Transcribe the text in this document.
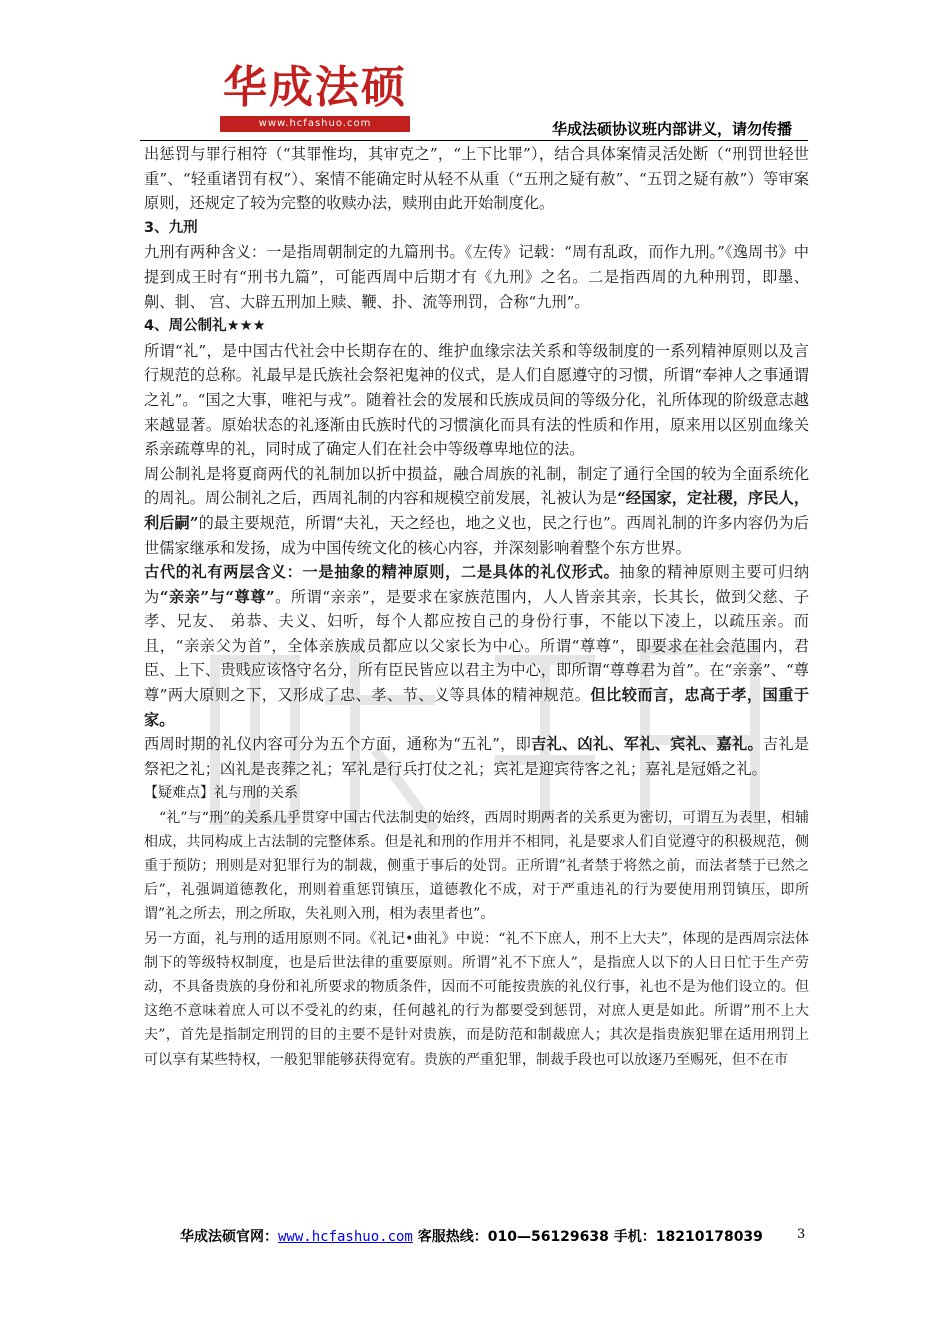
华成法硕
www.hcfashuo.com	华成法硕协议班内部讲义，请勿传播

出惩罚与罪行相符（“其罪惟均，其审克之”，“上下比罪”），结合具体案情灵活处断（“刑罚世轻世重”、“轻重诸罚有权”）、案情不能确定时从轻不从重（“五刑之疑有赦”、“五罚之疑有赦”）等审案原则，还规定了较为完整的收赎办法，赎刑由此开始制度化。

3、九刑

九刑有两种含义：一是指周朝制定的九篇刑书。《左传》记载：“周有乱政，而作九刑。”《逸周书》中提到成王时有“刑书九篇”，可能西周中后期才有《九刑》之名。二是指西周的九种刑罚，即墨、劓、剕、 宫、大辟五刑加上赎、鞭、扑、流等刑罚，合称“九刑”。

4、周公制礼★★★

所谓“礼”，是中国古代社会中长期存在的、维护血缘宗法关系和等级制度的一系列精神原则以及言行规范的总称。礼最早是氏族社会祭祀鬼神的仪式，是人们自愿遵守的习惯，所谓“奉神人之事通谓之礼”。“国之大事，唯祀与戎”。随着社会的发展和氏族成员间的等级分化，礼所体现的阶级意志越来越显著。原始状态的礼逐渐由氏族时代的习惯演化而具有法的性质和作用，原来用以区别血缘关系亲疏尊卑的礼，同时成了确定人们在社会中等级尊卑地位的法。

周公制礼是将夏商两代的礼制加以折中损益，融合周族的礼制，制定了通行全国的较为全面系统化的周礼。周公制礼之后，西周礼制的内容和规模空前发展，礼被认为是“经国家，定社稷，序民人，利后嗣”的最主要规范，所谓“夫礼，天之经也，地之义也，民之行也”。西周礼制的许多内容仍为后世儒家继承和发扬，成为中国传统文化的核心内容，并深刻影响着整个东方世界。

古代的礼有两层含义：一是抽象的精神原则，二是具体的礼仪形式。抽象的精神原则主要可归纳为“亲亲”与“尊尊”。所谓“亲亲”，是要求在家族范围内，人人皆亲其亲，长其长，做到父慈、子孝、兄友、 弟恭、夫义、妇听，每个人都应按自己的身份行事，不能以下凌上，以疏压亲。而且，“亲亲父为首”，全体亲族成员都应以父家长为中心。所谓“尊尊”，即要求在社会范围内，君臣、上下、贵贱应该恪守名分，所有臣民皆应以君主为中心，即所谓“尊尊君为首”。在“亲亲”、“尊尊”两大原则之下，又形成了忠、孝、节、义等具体的精神规范。但比较而言，忠高于孝，国重于家。

西周时期的礼仪内容可分为五个方面，通称为“五礼”，即吉礼、凶礼、军礼、宾礼、嘉礼。吉礼是祭祀之礼；凶礼是丧葬之礼；军礼是行兵打仗之礼；宾礼是迎宾待客之礼；嘉礼是冠婚之礼。

【疑难点】礼与刑的关系

“礼”与“刑”的关系几乎贯穿中国古代法制史的始终，西周时期两者的关系更为密切，可谓互为表里，相辅相成，共同构成上古法制的完整体系。但是礼和刑的作用并不相同，礼是要求人们自觉遵守的积极规范，侧重于预防；刑则是对犯罪行为的制裁，侧重于事后的处罚。正所谓”礼者禁于将然之前，而法者禁于已然之后”，礼强调道德教化，刑则着重惩罚镇压，道德教化不成，对于严重违礼的行为要使用刑罚镇压，即所谓”礼之所去，刑之所取，失礼则入刑，相为表里者也”。

另一方面，礼与刑的适用原则不同。《礼记•曲礼》中说：“礼不下庶人，刑不上大夫”，体现的是西周宗法体制下的等级特权制度，也是后世法律的重要原则。所谓”礼不下庶人”，是指庶人以下的人日日忙于生产劳动，不具备贵族的身份和礼所要求的物质条件，因而不可能按贵族的礼仪行事，礼也不是为他们设立的。但这绝不意味着庶人可以不受礼的约束，任何越礼的行为都要受到惩罚，对庶人更是如此。所谓”刑不上大夫”，首先是指制定刑罚的目的主要不是针对贵族，而是防范和制裁庶人；其次是指贵族犯罪在适用刑罚上可以享有某些特权，一般犯罪能够获得宽宥。贵族的严重犯罪，制裁手段也可以放逐乃至赐死，但不在市

华成法硕官网：www.hcfashuo.com 客服热线：010—56129638 手机：18210178039	3
